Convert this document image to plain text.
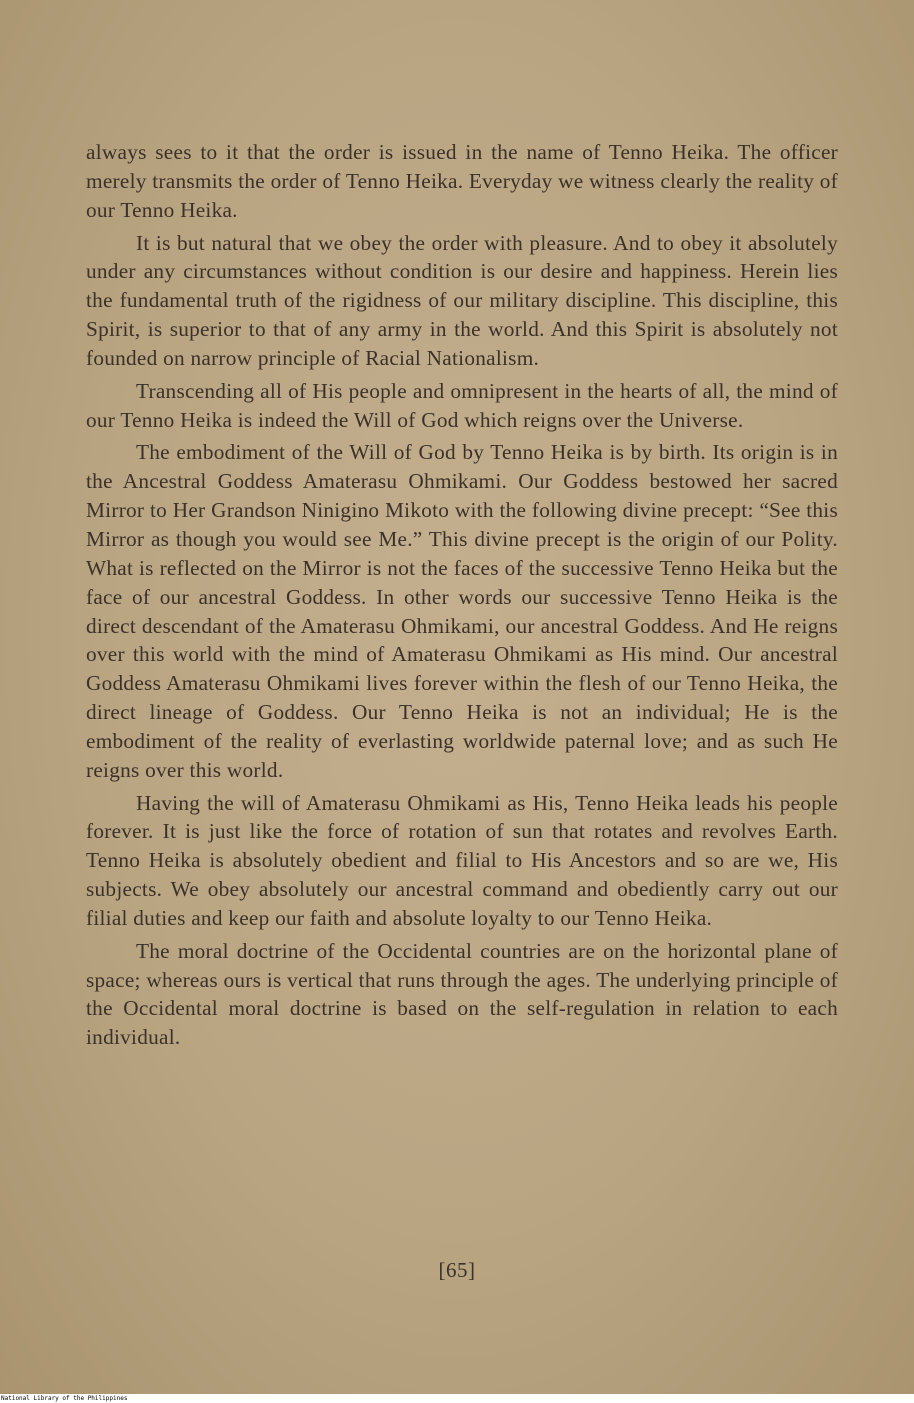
always sees to it that the order is issued in the name of Tenno Heika. The officer merely transmits the order of Tenno Heika. Everyday we witness clearly the reality of our Tenno Heika.

It is but natural that we obey the order with pleasure. And to obey it absolutely under any circumstances without condition is our desire and happiness. Herein lies the fundamental truth of the rigidness of our military discipline. This discipline, this Spirit, is superior to that of any army in the world. And this Spirit is absolutely not founded on narrow principle of Racial Nationalism.

Transcending all of His people and omnipresent in the hearts of all, the mind of our Tenno Heika is indeed the Will of God which reigns over the Universe.

The embodiment of the Will of God by Tenno Heika is by birth. Its origin is in the Ancestral Goddess Amaterasu Ohmikami. Our Goddess bestowed her sacred Mirror to Her Grandson Ninigino Mikoto with the following divine precept: “See this Mirror as though you would see Me.” This divine precept is the origin of our Polity. What is reflected on the Mirror is not the faces of the successive Tenno Heika but the face of our ancestral Goddess. In other words our successive Tenno Heika is the direct descendant of the Amaterasu Ohmikami, our ancestral Goddess. And He reigns over this world with the mind of Amaterasu Ohmikami as His mind. Our ancestral Goddess Amaterasu Ohmikami lives forever within the flesh of our Tenno Heika, the direct lineage of Goddess. Our Tenno Heika is not an individual; He is the embodiment of the reality of everlasting worldwide paternal love; and as such He reigns over this world.

Having the will of Amaterasu Ohmikami as His, Tenno Heika leads his people forever. It is just like the force of rotation of sun that rotates and revolves Earth. Tenno Heika is absolutely obedient and filial to His Ancestors and so are we, His subjects. We obey absolutely our ancestral command and obediently carry out our filial duties and keep our faith and absolute loyalty to our Tenno Heika.

The moral doctrine of the Occidental countries are on the horizontal plane of space; whereas ours is vertical that runs through the ages. The underlying principle of the Occidental moral doctrine is based on the self-regulation in relation to each individual.

[65]
National Library of the Philippines
